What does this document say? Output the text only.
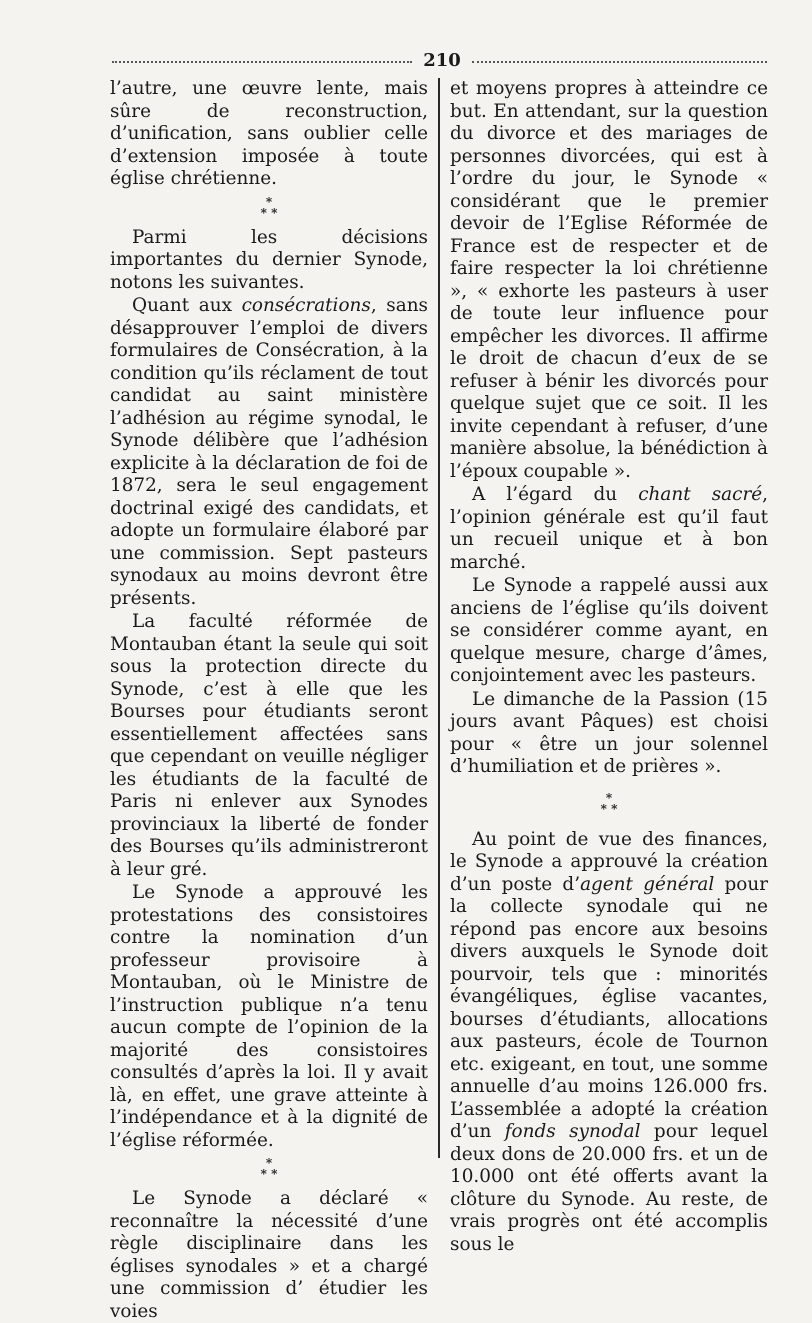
210

l’autre, une œuvre lente, mais sûre de reconstruction, d’unification, sans oublier celle d’extension imposée à toute église chrétienne.

*
* *

Parmi les décisions importantes du dernier Synode, notons les suivantes.

Quant aux consécrations, sans désapprouver l’emploi de divers formulaires de Consécration, à la condition qu’ils réclament de tout candidat au saint ministère l’adhésion au régime synodal, le Synode délibère que l’adhésion explicite à la déclaration de foi de 1872, sera le seul engagement doctrinal exigé des candidats, et adopte un formulaire élaboré par une commission. Sept pasteurs synodaux au moins devront être présents.

La faculté réformée de Montauban étant la seule qui soit sous la protection directe du Synode, c’est à elle que les Bourses pour étudiants seront essentiellement affectées sans que cependant on veuille négliger les étudiants de la faculté de Paris ni enlever aux Synodes provinciaux la liberté de fonder des Bourses qu’ils administreront à leur gré.

Le Synode a approuvé les protestations des consistoires contre la nomination d’un professeur provisoire à Montauban, où le Ministre de l’instruction publique n’a tenu aucun compte de l’opinion de la majorité des consistoires consultés d’après la loi. Il y avait là, en effet, une grave atteinte à l’indépendance et à la dignité de l’église réformée.

*
* *

Le Synode a déclaré « reconnaître la nécessité d’une règle disciplinaire dans les églises synodales » et a chargé une commission d’ étudier les voies

et moyens propres à atteindre ce but. En attendant, sur la question du divorce et des mariages de personnes divorcées, qui est à l’ordre du jour, le Synode « considérant que le premier devoir de l’Eglise Réformée de France est de respecter et de faire respecter la loi chrétienne », « exhorte les pasteurs à user de toute leur influence pour empêcher les divorces. Il affirme le droit de chacun d’eux de se refuser à bénir les divorcés pour quelque sujet que ce soit. Il les invite cependant à refuser, d’une manière absolue, la bénédiction à l’époux coupable ».

A l’égard du chant sacré, l’opinion générale est qu’il faut un recueil unique et à bon marché.

Le Synode a rappelé aussi aux anciens de l’église qu’ils doivent se considérer comme ayant, en quelque mesure, charge d’âmes, conjointement avec les pasteurs.

Le dimanche de la Passion (15 jours avant Pâques) est choisi pour « être un jour solennel d’humiliation et de prières ».

*
* *

Au point de vue des finances, le Synode a approuvé la création d’un poste d’agent général pour la collecte synodale qui ne répond pas encore aux besoins divers auxquels le Synode doit pourvoir, tels que : minorités évangéliques, église vacantes, bourses d’étudiants, allocations aux pasteurs, école de Tournon etc. exigeant, en tout, une somme annuelle d’au moins 126.000 frs. L’assemblée a adopté la création d’un fonds synodal pour lequel deux dons de 20.000 frs. et un de 10.000 ont été offerts avant la clôture du Synode. Au reste, de vrais progrès ont été accomplis sous le
